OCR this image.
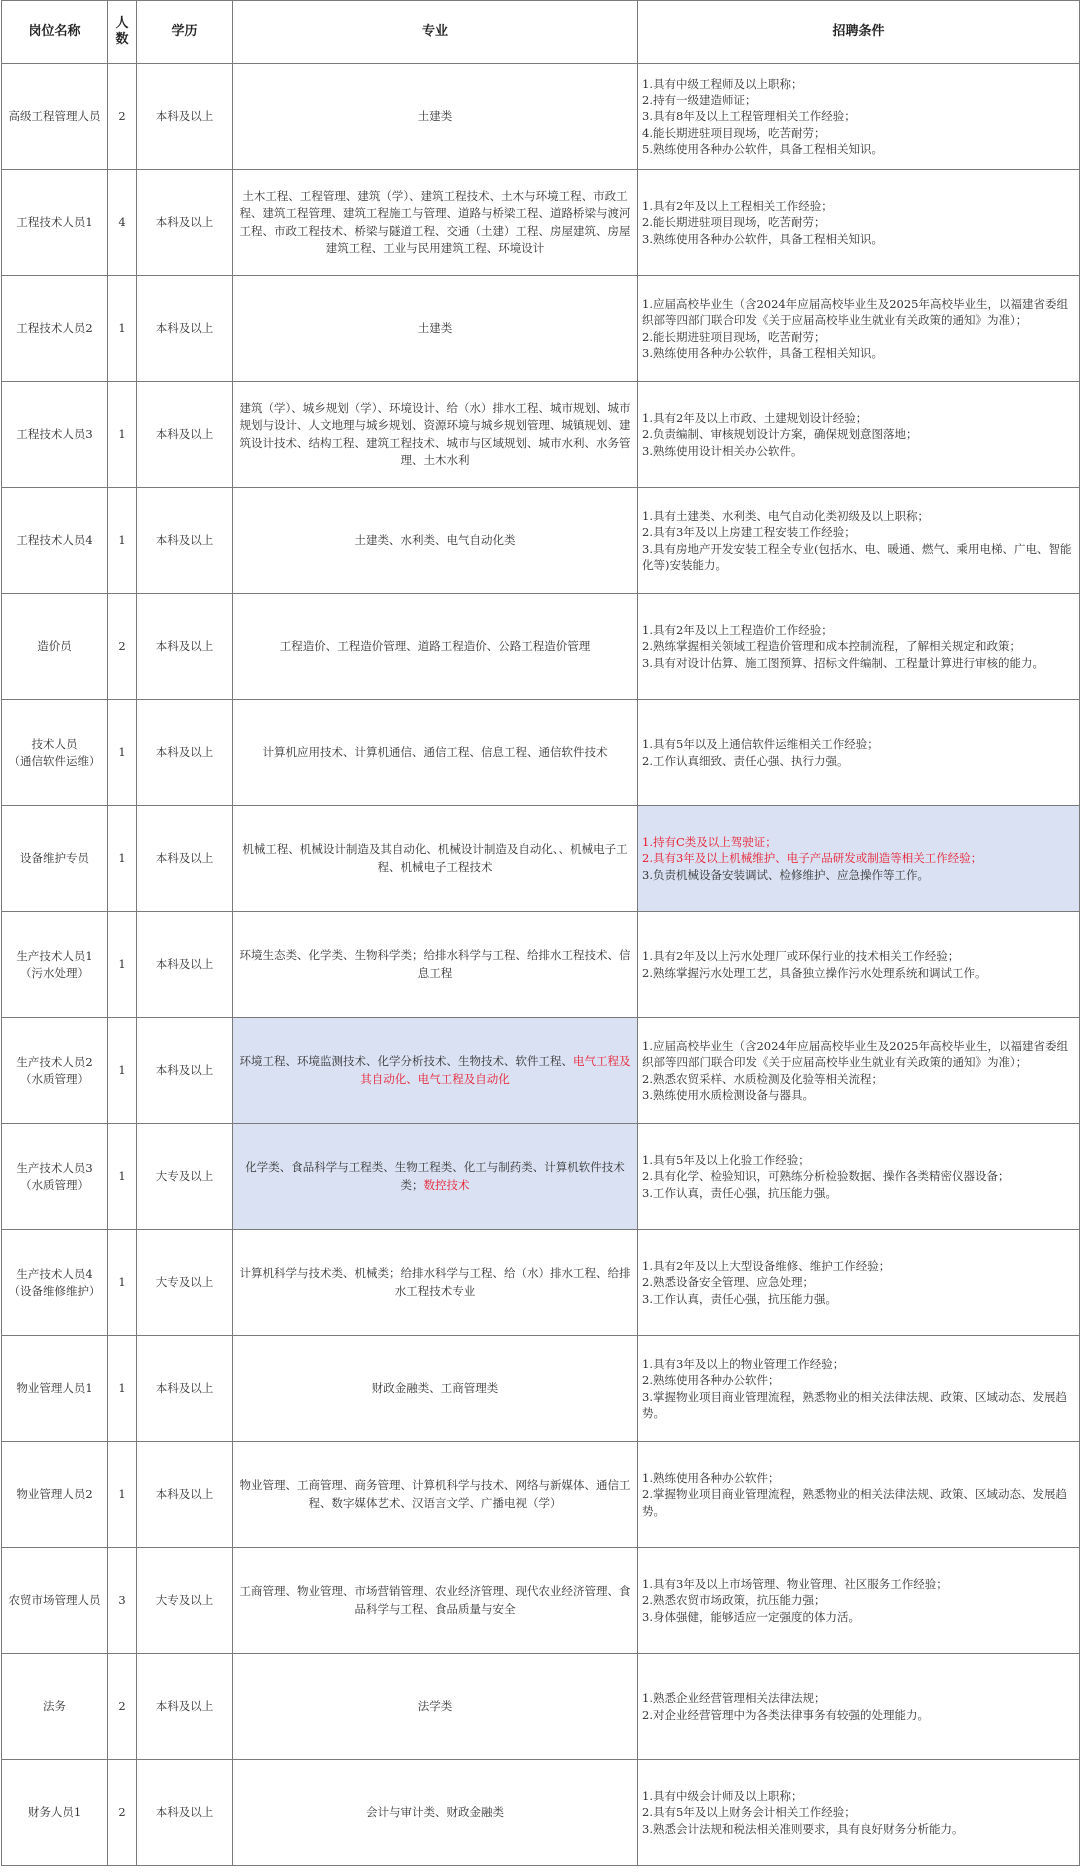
岗位名称	人数	学历	专业	招聘条件

高级工程管理人员	2	本科及以上	土建类	1.具有中级工程师及以上职称；
2.持有一级建造师证；
3.具有8年及以上工程管理相关工作经验；
4.能长期进驻项目现场，吃苦耐劳；
5.熟练使用各种办公软件，具备工程相关知识。

工程技术人员1	4	本科及以上	土木工程、工程管理、建筑（学）、建筑工程技术、土木与环境工程、市政工程、建筑工程管理、建筑工程施工与管理、道路与桥梁工程、道路桥梁与渡河工程、市政工程技术、桥梁与隧道工程、交通（土建）工程、房屋建筑、房屋建筑工程、工业与民用建筑工程、环境设计	1.具有2年及以上工程相关工作经验；
2.能长期进驻项目现场，吃苦耐劳；
3.熟练使用各种办公软件，具备工程相关知识。

工程技术人员2	1	本科及以上	土建类	1.应届高校毕业生（含2024年应届高校毕业生及2025年高校毕业生，以福建省委组织部等四部门联合印发《关于应届高校毕业生就业有关政策的通知》为准）；
2.能长期进驻项目现场，吃苦耐劳；
3.熟练使用各种办公软件，具备工程相关知识。

工程技术人员3	1	本科及以上	建筑（学）、城乡规划（学）、环境设计、给（水）排水工程、城市规划、城市规划与设计、人文地理与城乡规划、资源环境与城乡规划管理、城镇规划、建筑设计技术、结构工程、建筑工程技术、城市与区域规划、城市水利、水务管理、土木水利	1.具有2年及以上市政、土建规划设计经验；
2.负责编制、审核规划设计方案，确保规划意图落地；
3.熟练使用设计相关办公软件。

工程技术人员4	1	本科及以上	土建类、水利类、电气自动化类	1.具有土建类、水利类、电气自动化类初级及以上职称；
2.具有3年及以上房建工程安装工作经验；
3.具有房地产开发安装工程全专业(包括水、电、暖通、燃气、乘用电梯、广电、智能化等)安装能力。

造价员	2	本科及以上	工程造价、工程造价管理、道路工程造价、公路工程造价管理	1.具有2年及以上工程造价工作经验；
2.熟练掌握相关领域工程造价管理和成本控制流程，了解相关规定和政策；
3.具有对设计估算、施工图预算、招标文件编制、工程量计算进行审核的能力。

技术人员
（通信软件运维）	1	本科及以上	计算机应用技术、计算机通信、通信工程、信息工程、通信软件技术	1.具有5年以及上通信软件运维相关工作经验；
2.工作认真细致、责任心强、执行力强。

设备维护专员	1	本科及以上	机械工程、机械设计制造及其自动化、机械设计制造及自动化、、机械电子工程、机械电子工程技术	1.持有C类及以上驾驶证；
2.具有3年及以上机械维护、电子产品研发或制造等相关工作经验；
3.负责机械设备安装调试、检修维护、应急操作等工作。

生产技术人员1
（污水处理）	1	本科及以上	环境生态类、化学类、生物科学类；给排水科学与工程、给排水工程技术、信息工程	1.具有2年及以上污水处理厂或环保行业的技术相关工作经验；
2.熟练掌握污水处理工艺，具备独立操作污水处理系统和调试工作。

生产技术人员2
（水质管理）	1	本科及以上	环境工程、环境监测技术、化学分析技术、生物技术、软件工程、电气工程及其自动化、电气工程及自动化	1.应届高校毕业生（含2024年应届高校毕业生及2025年高校毕业生，以福建省委组织部等四部门联合印发《关于应届高校毕业生就业有关政策的通知》为准）；
2.熟悉农贸采样、水质检测及化验等相关流程；
3.熟练使用水质检测设备与器具。

生产技术人员3
（水质管理）	1	大专及以上	化学类、食品科学与工程类、生物工程类、化工与制药类、计算机软件技术类；数控技术	1.具有5年及以上化验工作经验；
2.具有化学、检验知识，可熟练分析检验数据、操作各类精密仪器设备；
3.工作认真，责任心强，抗压能力强。

生产技术人员4
（设备维修维护）	1	大专及以上	计算机科学与技术类、机械类；给排水科学与工程、给（水）排水工程、给排水工程技术专业	1.具有2年及以上大型设备维修、维护工作经验；
2.熟悉设备安全管理、应急处理；
3.工作认真，责任心强，抗压能力强。

物业管理人员1	1	本科及以上	财政金融类、工商管理类	1.具有3年及以上的物业管理工作经验；
2.熟练使用各种办公软件；
3.掌握物业项目商业管理流程，熟悉物业的相关法律法规、政策、区域动态、发展趋势。

物业管理人员2	1	本科及以上	物业管理、工商管理、商务管理、计算机科学与技术、网络与新媒体、通信工程、数字媒体艺术、汉语言文学、广播电视（学）	1.熟练使用各种办公软件；
2.掌握物业项目商业管理流程，熟悉物业的相关法律法规、政策、区域动态、发展趋势。

农贸市场管理人员	3	大专及以上	工商管理、物业管理、市场营销管理、农业经济管理、现代农业经济管理、食品科学与工程、食品质量与安全	1.具有3年及以上市场管理、物业管理、社区服务工作经验；
2.熟悉农贸市场政策，抗压能力强；
3.身体强健，能够适应一定强度的体力活。

法务	2	本科及以上	法学类	1.熟悉企业经营管理相关法律法规；
2.对企业经营管理中为各类法律事务有较强的处理能力。

财务人员1	2	本科及以上	会计与审计类、财政金融类	1.具有中级会计师及以上职称；
2.具有5年及以上财务会计相关工作经验；
3.熟悉会计法规和税法相关准则要求，具有良好财务分析能力。
